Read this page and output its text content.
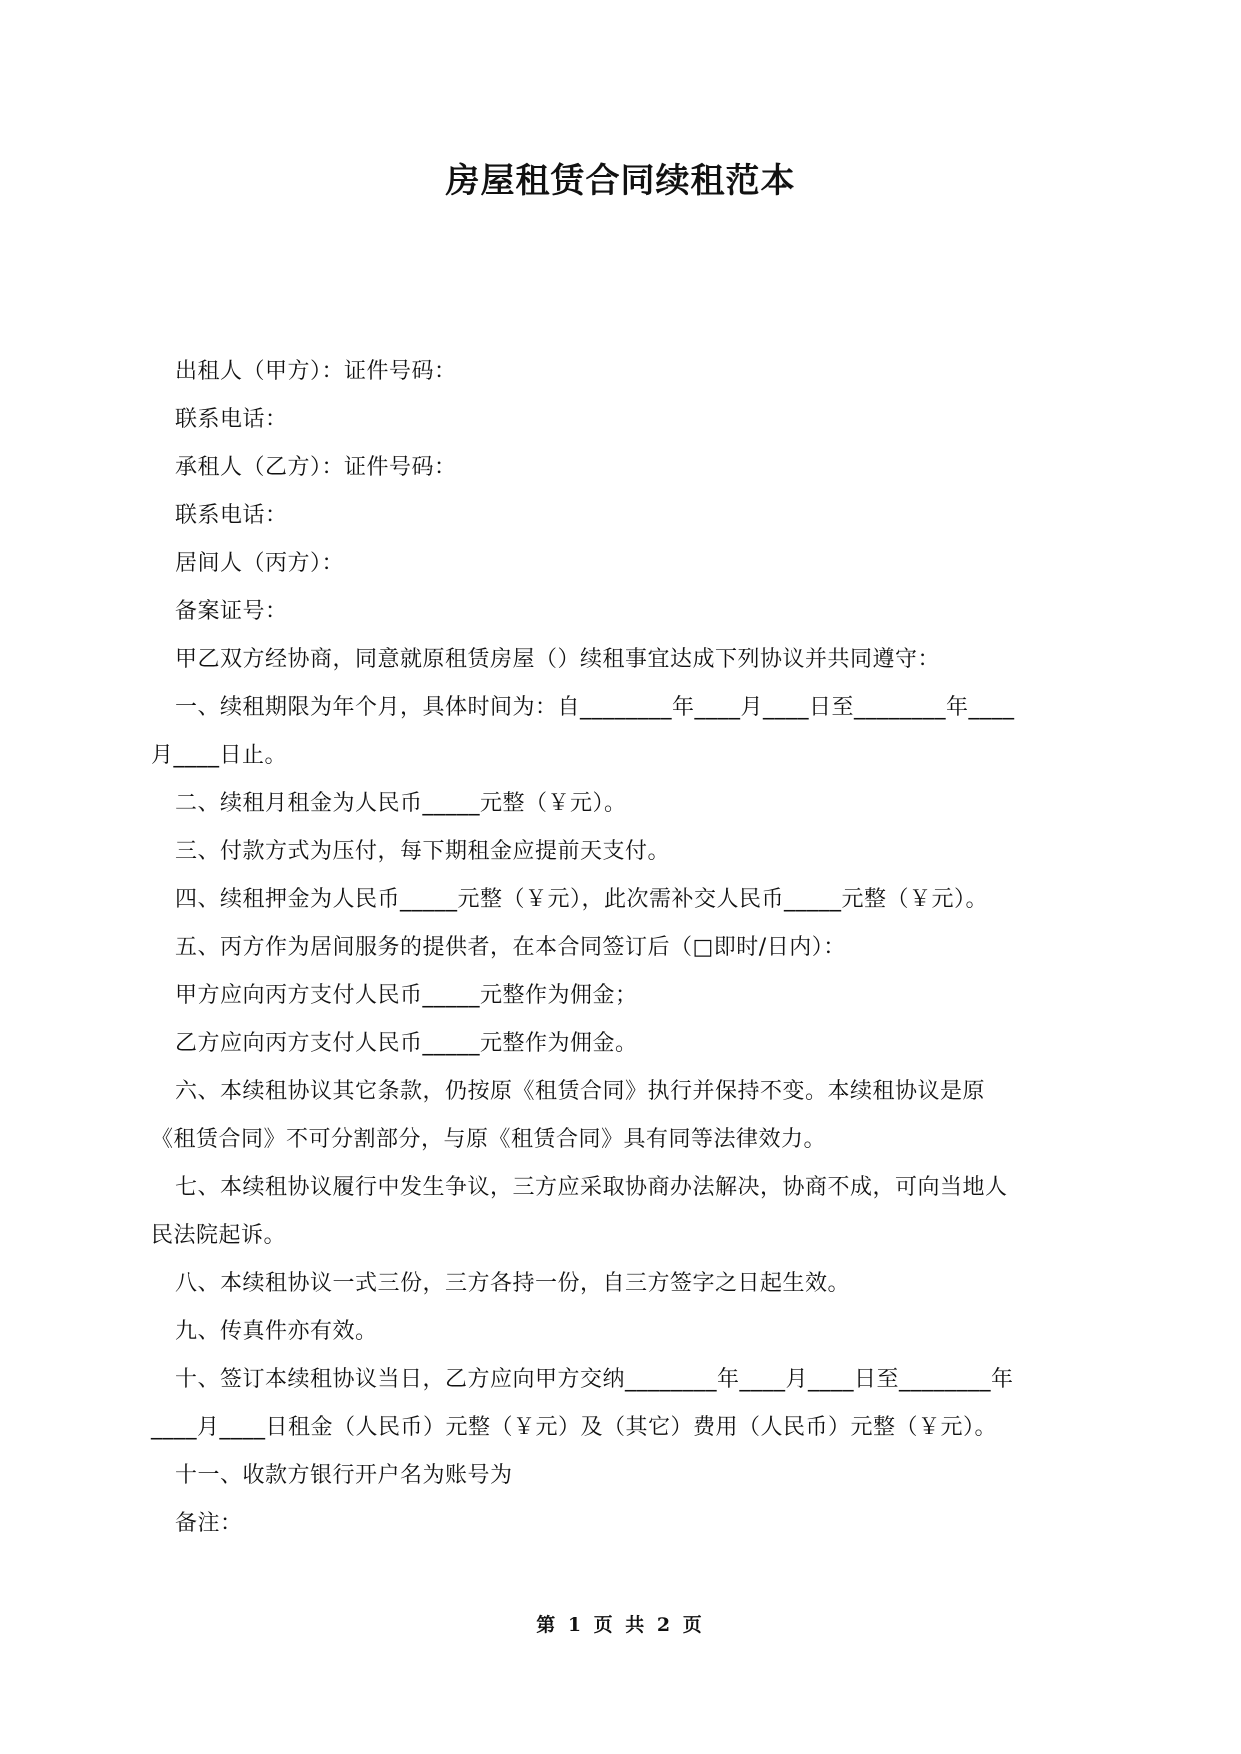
房屋租赁合同续租范本

出租人（甲方）：证件号码：

联系电话：

承租人（乙方）：证件号码：

联系电话：

居间人（丙方）：

备案证号：

甲乙双方经协商，同意就原租赁房屋（）续租事宜达成下列协议并共同遵守：

一、续租期限为年个月，具体时间为：自________年____月____日至________年____

月____日止。

二、续租月租金为人民币_____元整（￥元）。

三、付款方式为压付，每下期租金应提前天支付。

四、续租押金为人民币_____元整（￥元），此次需补交人民币_____元整（￥元）。

五、丙方作为居间服务的提供者，在本合同签订后（□即时/日内）：

甲方应向丙方支付人民币_____元整作为佣金；

乙方应向丙方支付人民币_____元整作为佣金。

六、本续租协议其它条款，仍按原《租赁合同》执行并保持不变。本续租协议是原

《租赁合同》不可分割部分，与原《租赁合同》具有同等法律效力。

七、本续租协议履行中发生争议，三方应采取协商办法解决，协商不成，可向当地人

民法院起诉。

八、本续租协议一式三份，三方各持一份，自三方签字之日起生效。

九、传真件亦有效。

十、签订本续租协议当日，乙方应向甲方交纳________年____月____日至________年

____月____日租金（人民币）元整（￥元）及（其它）费用（人民币）元整（￥元）。

十一、收款方银行开户名为账号为

备注：

第 1 页 共 2 页
